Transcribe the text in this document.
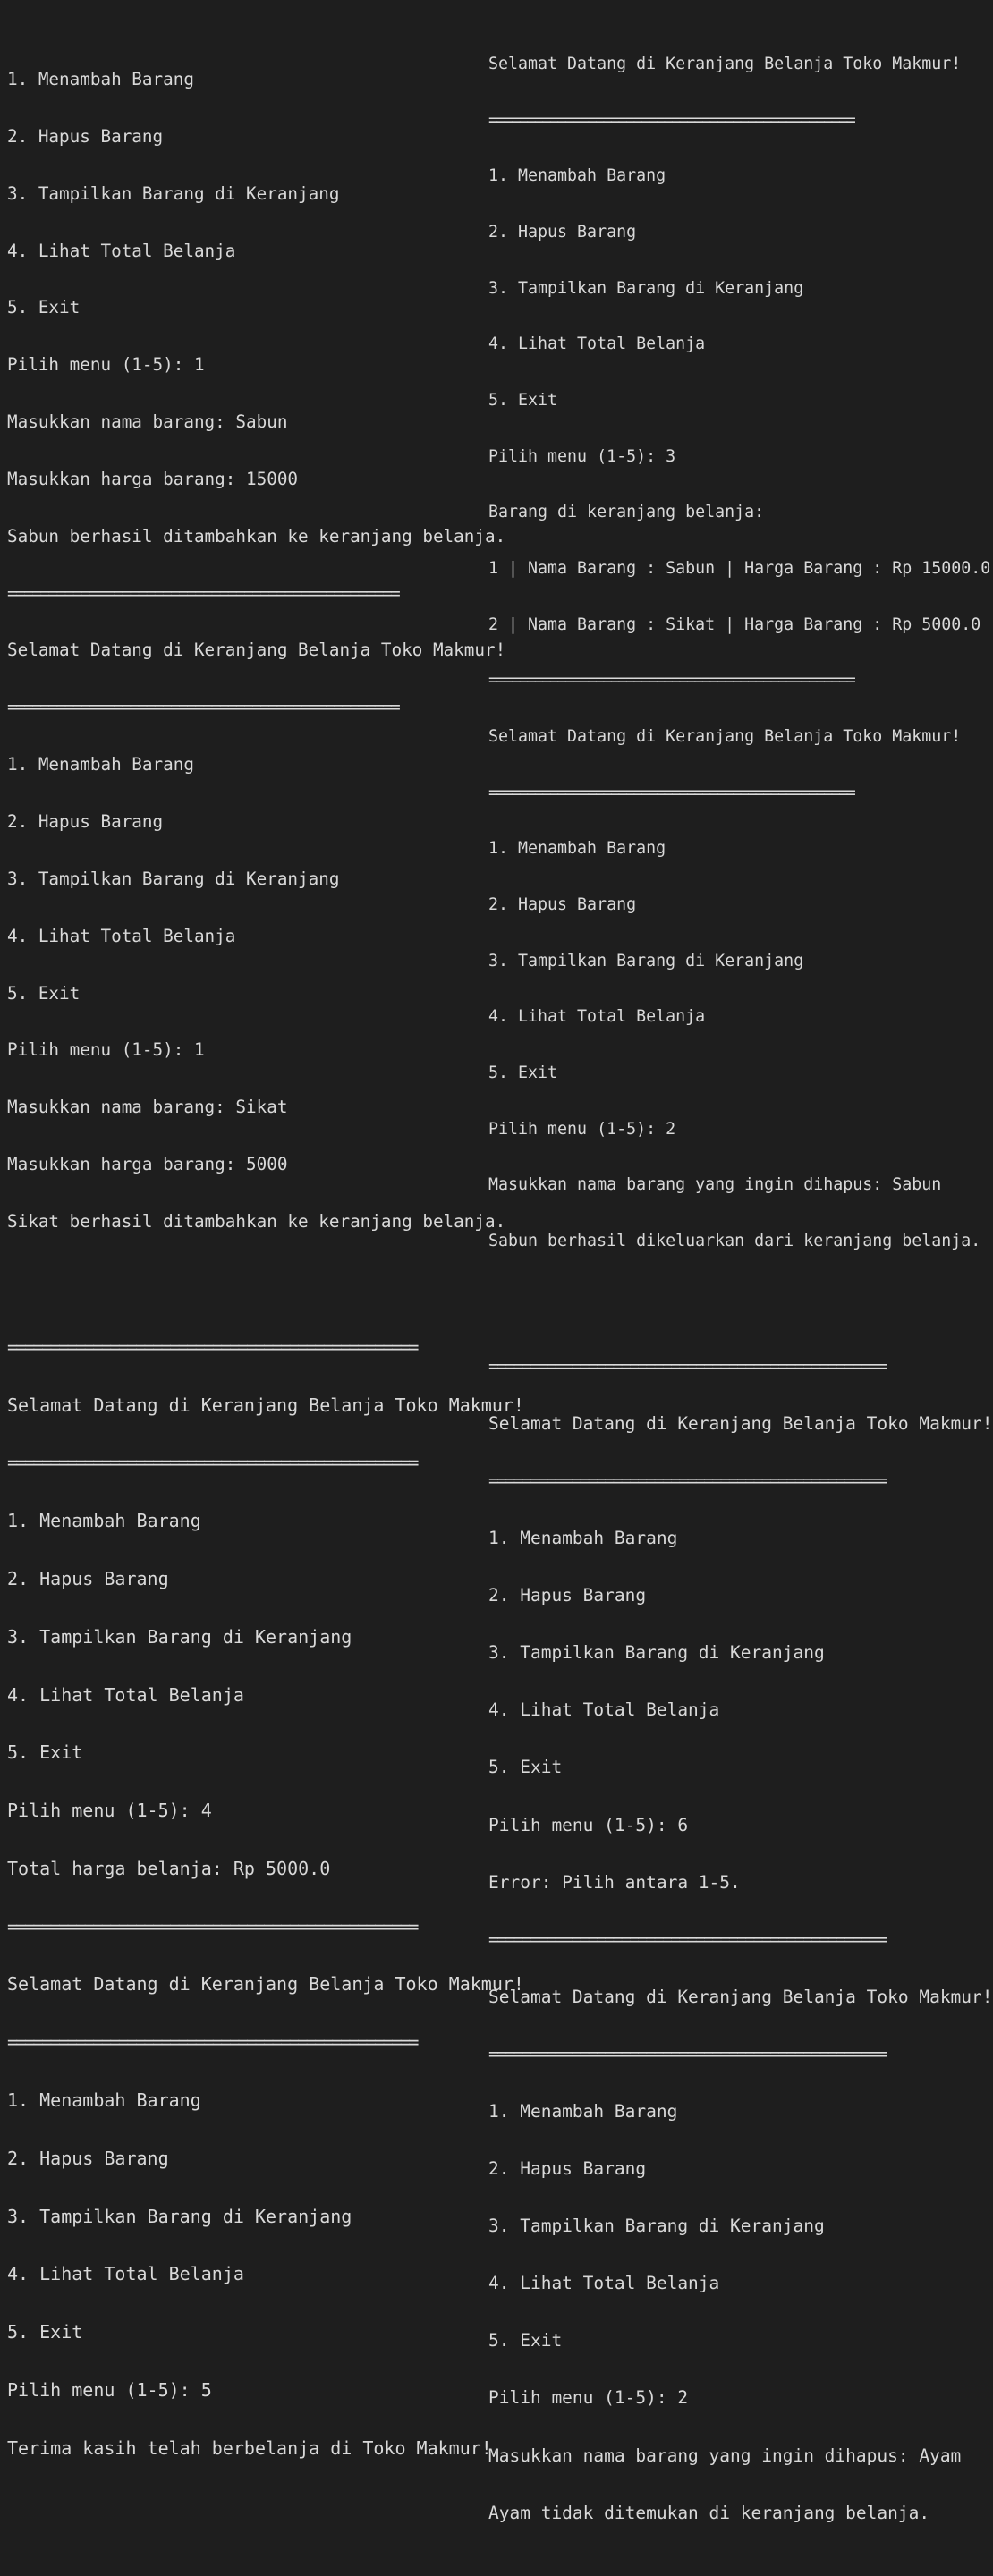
1. Menambah Barang

2. Hapus Barang

3. Tampilkan Barang di Keranjang

4. Lihat Total Belanja

5. Exit

Pilih menu (1-5): 1

Masukkan nama barang: Sabun

Masukkan harga barang: 15000

Sabun berhasil ditambahkan ke keranjang belanja.

================================================

Selamat Datang di Keranjang Belanja Toko Makmur!

================================================

1. Menambah Barang

2. Hapus Barang

3. Tampilkan Barang di Keranjang

4. Lihat Total Belanja

5. Exit

Pilih menu (1-5): 1

Masukkan nama barang: Sikat

Masukkan harga barang: 5000

Sikat berhasil ditambahkan ke keranjang belanja.

================================================

Selamat Datang di Keranjang Belanja Toko Makmur!

================================================

1. Menambah Barang

2. Hapus Barang

3. Tampilkan Barang di Keranjang

4. Lihat Total Belanja

5. Exit

Pilih menu (1-5): 4

Total harga belanja: Rp 5000.0

================================================

Selamat Datang di Keranjang Belanja Toko Makmur!

================================================

1. Menambah Barang

2. Hapus Barang

3. Tampilkan Barang di Keranjang

4. Lihat Total Belanja

5. Exit

Pilih menu (1-5): 5

Terima kasih telah berbelanja di Toko Makmur!

Selamat Datang di Keranjang Belanja Toko Makmur!

================================================

1. Menambah Barang

2. Hapus Barang

3. Tampilkan Barang di Keranjang

4. Lihat Total Belanja

5. Exit

Pilih menu (1-5): 3

Barang di keranjang belanja:

1 | Nama Barang : Sabun | Harga Barang : Rp 15000.0

2 | Nama Barang : Sikat | Harga Barang : Rp 5000.0

================================================

Selamat Datang di Keranjang Belanja Toko Makmur!

================================================

1. Menambah Barang

2. Hapus Barang

3. Tampilkan Barang di Keranjang

4. Lihat Total Belanja

5. Exit

Pilih menu (1-5): 2

Masukkan nama barang yang ingin dihapus: Sabun

Sabun berhasil dikeluarkan dari keranjang belanja.

================================================

Selamat Datang di Keranjang Belanja Toko Makmur!

================================================

1. Menambah Barang

2. Hapus Barang

3. Tampilkan Barang di Keranjang

4. Lihat Total Belanja

5. Exit

Pilih menu (1-5): 6

Error: Pilih antara 1-5.

================================================

Selamat Datang di Keranjang Belanja Toko Makmur!

================================================

1. Menambah Barang

2. Hapus Barang

3. Tampilkan Barang di Keranjang

4. Lihat Total Belanja

5. Exit

Pilih menu (1-5): 2

Masukkan nama barang yang ingin dihapus: Ayam

Ayam tidak ditemukan di keranjang belanja.
